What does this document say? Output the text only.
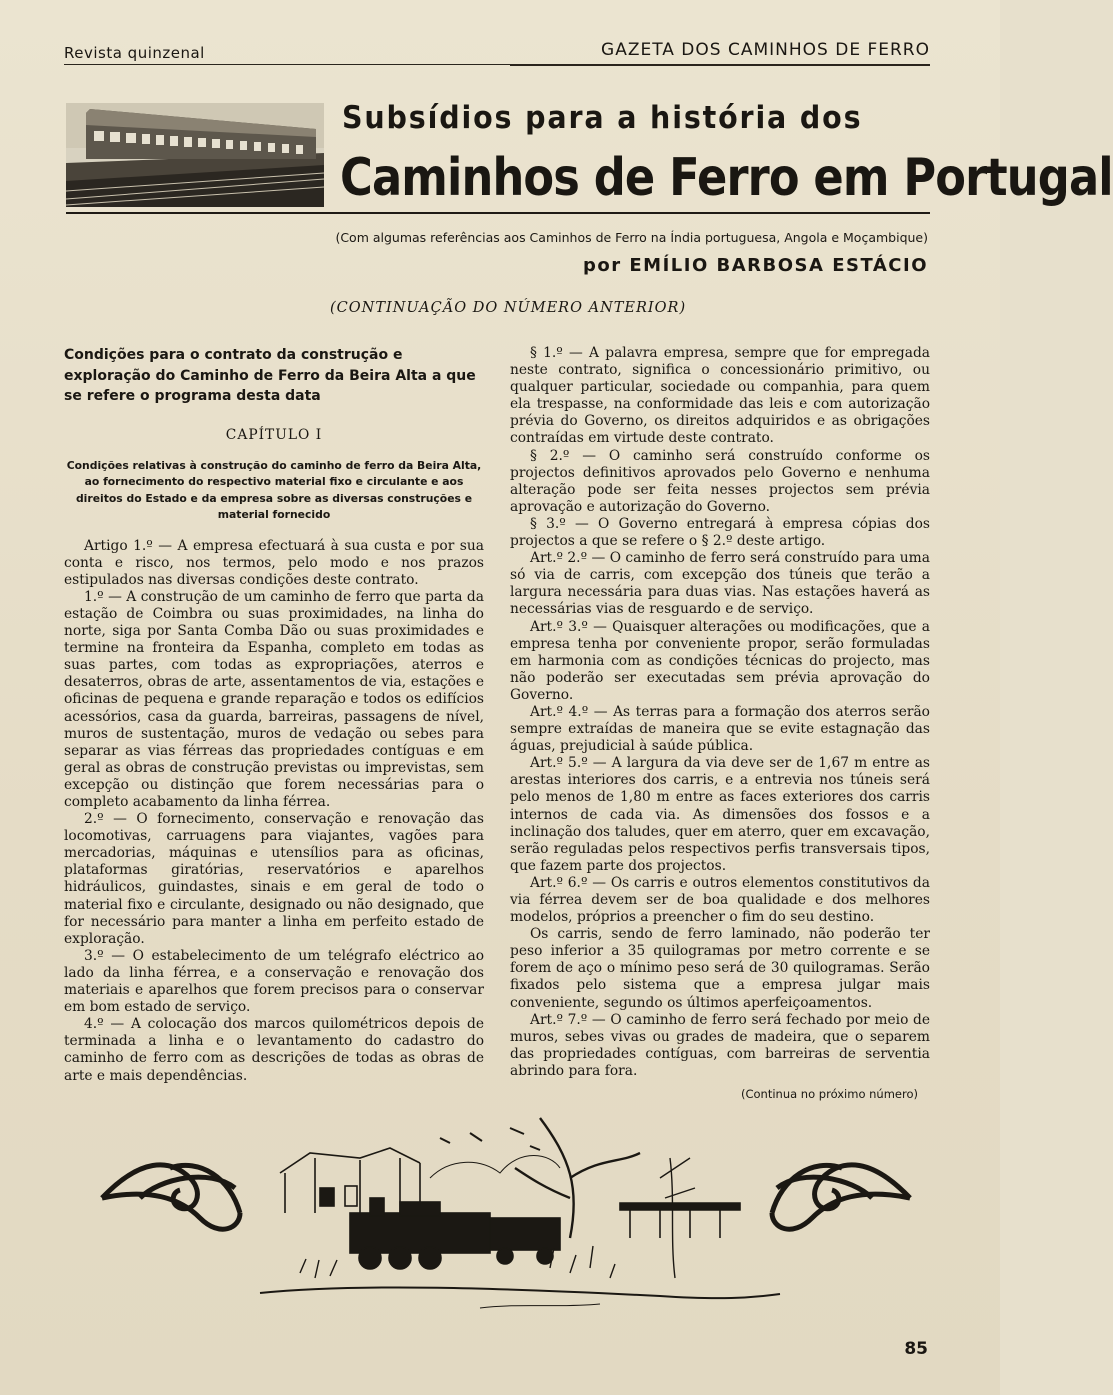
Revista quinzenal	GAZETA DOS CAMINHOS DE FERRO
Subsídios para a história dos
Caminhos de Ferro em Portugal
(Com algumas referências aos Caminhos de Ferro na Índia portuguesa, Angola e Moçambique)
por EMÍLIO BARBOSA ESTÁCIO
(CONTINUAÇÃO DO NÚMERO ANTERIOR)

Condições para o contrato da construção e exploração do Caminho de Ferro da Beira Alta a que se refere o programa desta data

CAPÍTULO I

Condições relativas à construção do caminho de ferro da Beira Alta, ao fornecimento do respectivo material fixo e circulante e aos direitos do Estado e da empresa sobre as diversas construções e material fornecido

Artigo 1.º — A empresa efectuará à sua custa e por sua conta e risco, nos termos, pelo modo e nos prazos estipulados nas diversas condições deste contrato.

1.º — A construção de um caminho de ferro que parta da estação de Coimbra ou suas proximidades, na linha do norte, siga por Santa Comba Dão ou suas proximidades e termine na fronteira da Espanha, completo em todas as suas partes, com todas as expropriações, aterros e desaterros, obras de arte, assentamentos de via, estações e oficinas de pequena e grande reparação e todos os edifícios acessórios, casa da guarda, barreiras, passagens de nível, muros de sustentação, muros de vedação ou sebes para separar as vias férreas das propriedades contíguas e em geral as obras de construção previstas ou imprevistas, sem excepção ou distinção que forem necessárias para o completo acabamento da linha férrea.

2.º — O fornecimento, conservação e renovação das locomotivas, carruagens para viajantes, vagões para mercadorias, máquinas e utensílios para as oficinas, plataformas giratórias, reservatórios e aparelhos hidráulicos, guindastes, sinais e em geral de todo o material fixo e circulante, designado ou não designado, que for necessário para manter a linha em perfeito estado de exploração.

3.º — O estabelecimento de um telégrafo eléctrico ao lado da linha férrea, e a conservação e renovação dos materiais e aparelhos que forem precisos para o conservar em bom estado de serviço.

4.º — A colocação dos marcos quilométricos depois de terminada a linha e o levantamento do cadastro do caminho de ferro com as descrições de todas as obras de arte e mais dependências.

§ 1.º — A palavra empresa, sempre que for empregada neste contrato, significa o concessionário primitivo, ou qualquer particular, sociedade ou companhia, para quem ela trespasse, na conformidade das leis e com autorização prévia do Governo, os direitos adquiridos e as obrigações contraídas em virtude deste contrato.

§ 2.º — O caminho será construído conforme os projectos definitivos aprovados pelo Governo e nenhuma alteração pode ser feita nesses projectos sem prévia aprovação e autorização do Governo.

§ 3.º — O Governo entregará à empresa cópias dos projectos a que se refere o § 2.º deste artigo.

Art.º 2.º — O caminho de ferro será construído para uma só via de carris, com excepção dos túneis que terão a largura necessária para duas vias. Nas estações haverá as necessárias vias de resguardo e de serviço.

Art.º 3.º — Quaisquer alterações ou modificações, que a empresa tenha por conveniente propor, serão formuladas em harmonia com as condições técnicas do projecto, mas não poderão ser executadas sem prévia aprovação do Governo.

Art.º 4.º — As terras para a formação dos aterros serão sempre extraídas de maneira que se evite estagnação das águas, prejudicial à saúde pública.

Art.º 5.º — A largura da via deve ser de 1,67 m entre as arestas interiores dos carris, e a entrevia nos túneis será pelo menos de 1,80 m entre as faces exteriores dos carris internos de cada via. As dimensões dos fossos e a inclinação dos taludes, quer em aterro, quer em excavação, serão reguladas pelos respectivos perfis transversais tipos, que fazem parte dos projectos.

Art.º 6.º — Os carris e outros elementos constitutivos da via férrea devem ser de boa qualidade e dos melhores modelos, próprios a preencher o fim do seu destino.

Os carris, sendo de ferro laminado, não poderão ter peso inferior a 35 quilogramas por metro corrente e se forem de aço o mínimo peso será de 30 quilogramas. Serão fixados pelo sistema que a empresa julgar mais conveniente, segundo os últimos aperfeiçoamentos.

Art.º 7.º — O caminho de ferro será fechado por meio de muros, sebes vivas ou grades de madeira, que o separem das propriedades contíguas, com barreiras de serventia abrindo para fora.

(Continua no próximo número)

85
